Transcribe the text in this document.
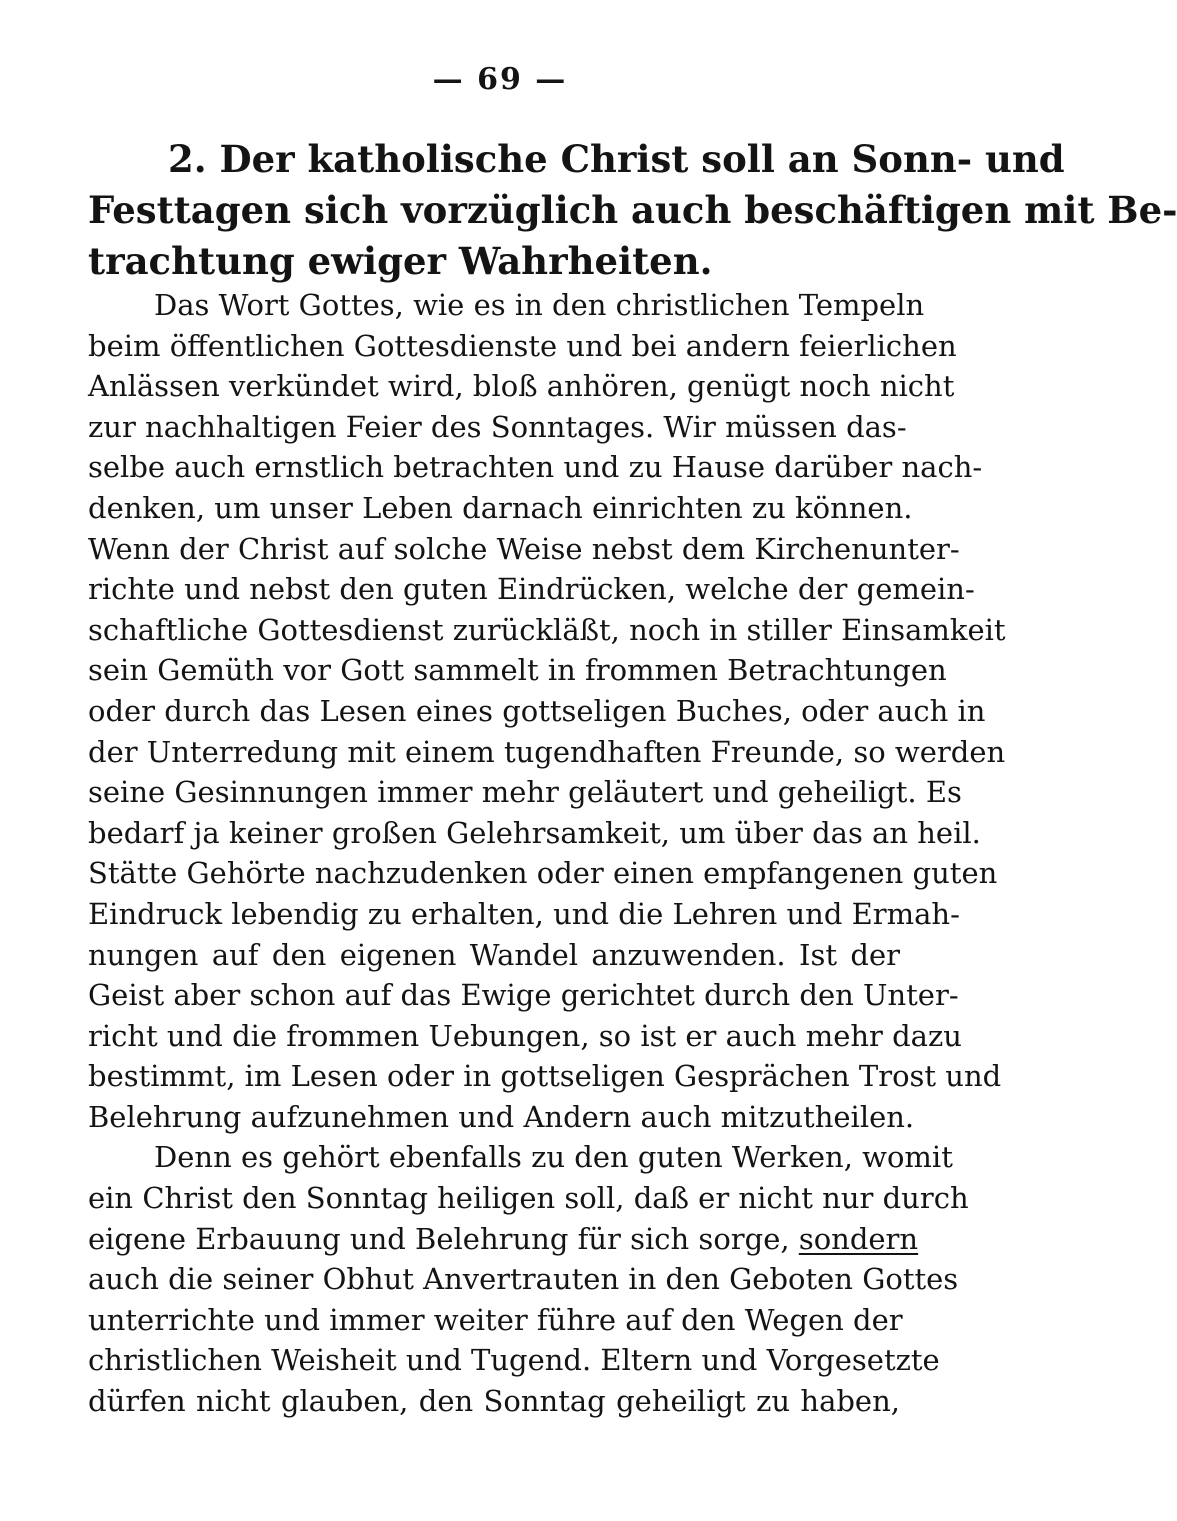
— 69 —
2. Der katholische Christ soll an Sonn- und
Festtagen sich vorzüglich auch beschäftigen mit Be-
trachtung ewiger Wahrheiten.
Das Wort Gottes, wie es in den christlichen Tempeln
beim öffentlichen Gottesdienste und bei andern feierlichen
Anlässen verkündet wird, bloß anhören, genügt noch nicht
zur nachhaltigen Feier des Sonntages. Wir müssen das-
selbe auch ernstlich betrachten und zu Hause darüber nach-
denken, um unser Leben darnach einrichten zu können.
Wenn der Christ auf solche Weise nebst dem Kirchenunter-
richte und nebst den guten Eindrücken, welche der gemein-
schaftliche Gottesdienst zurückläßt, noch in stiller Einsamkeit
sein Gemüth vor Gott sammelt in frommen Betrachtungen
oder durch das Lesen eines gottseligen Buches, oder auch in
der Unterredung mit einem tugendhaften Freunde, so werden
seine Gesinnungen immer mehr geläutert und geheiligt. Es
bedarf ja keiner großen Gelehrsamkeit, um über das an heil.
Stätte Gehörte nachzudenken oder einen empfangenen guten
Eindruck lebendig zu erhalten, und die Lehren und Ermah-
nungen auf den eigenen Wandel anzuwenden. Ist der
Geist aber schon auf das Ewige gerichtet durch den Unter-
richt und die frommen Uebungen, so ist er auch mehr dazu
bestimmt, im Lesen oder in gottseligen Gesprächen Trost und
Belehrung aufzunehmen und Andern auch mitzutheilen.
Denn es gehört ebenfalls zu den guten Werken, womit
ein Christ den Sonntag heiligen soll, daß er nicht nur durch
eigene Erbauung und Belehrung für sich sorge, sondern
auch die seiner Obhut Anvertrauten in den Geboten Gottes
unterrichte und immer weiter führe auf den Wegen der
christlichen Weisheit und Tugend. Eltern und Vorgesetzte
dürfen nicht glauben, den Sonntag geheiligt zu haben,
